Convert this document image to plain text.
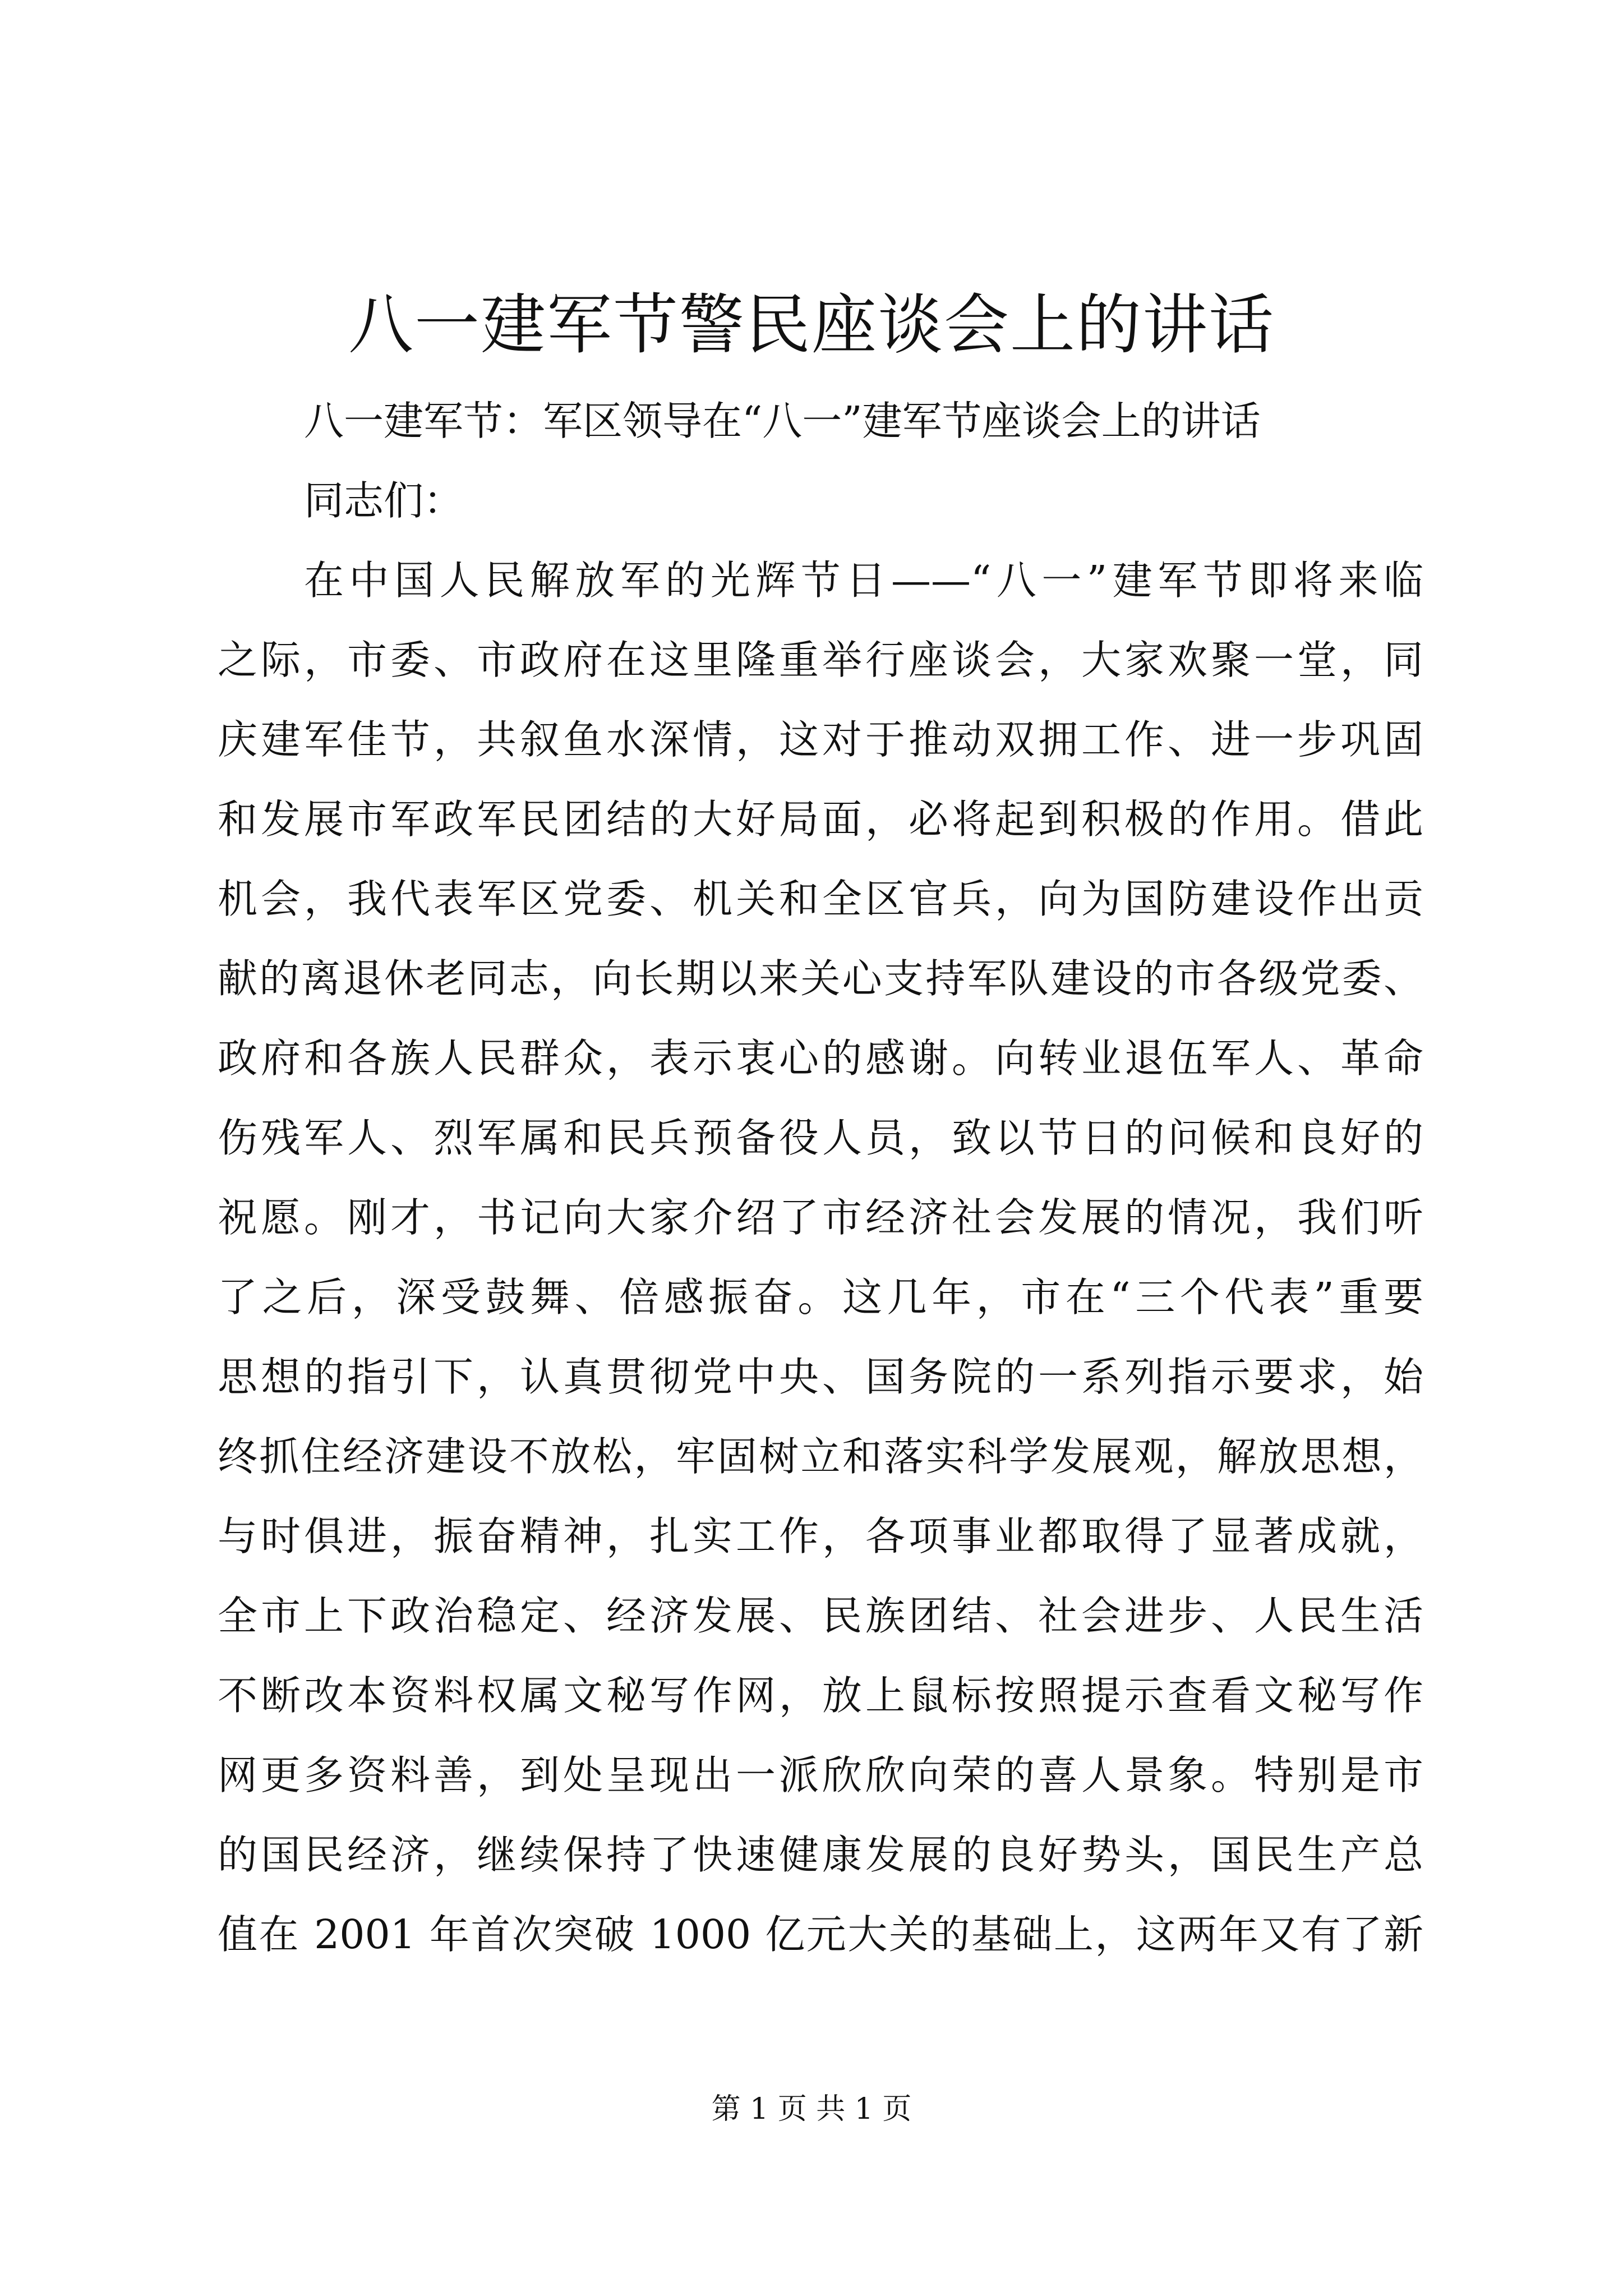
八一建军节警民座谈会上的讲话
八一建军节：军区领导在“八一”建军节座谈会上的讲话
同志们：
在中国人民解放军的光辉节日——“八一”建军节即将来临
之际，市委、市政府在这里隆重举行座谈会，大家欢聚一堂，同
庆建军佳节，共叙鱼水深情，这对于推动双拥工作、进一步巩固
和发展市军政军民团结的大好局面，必将起到积极的作用。借此
机会，我代表军区党委、机关和全区官兵，向为国防建设作出贡
献的离退休老同志，向长期以来关心支持军队建设的市各级党委、
政府和各族人民群众，表示衷心的感谢。向转业退伍军人、革命
伤残军人、烈军属和民兵预备役人员，致以节日的问候和良好的
祝愿。刚才，书记向大家介绍了市经济社会发展的情况，我们听
了之后，深受鼓舞、倍感振奋。这几年，市在“三个代表”重要
思想的指引下，认真贯彻党中央、国务院的一系列指示要求，始
终抓住经济建设不放松，牢固树立和落实科学发展观，解放思想，
与时俱进，振奋精神，扎实工作，各项事业都取得了显著成就，
全市上下政治稳定、经济发展、民族团结、社会进步、人民生活
不断改本资料权属文秘写作网，放上鼠标按照提示查看文秘写作
网更多资料善，到处呈现出一派欣欣向荣的喜人景象。特别是市
的国民经济，继续保持了快速健康发展的良好势头，国民生产总
值在 2001 年首次突破 1000 亿元大关的基础上，这两年又有了新
第 1 页 共 1 页
